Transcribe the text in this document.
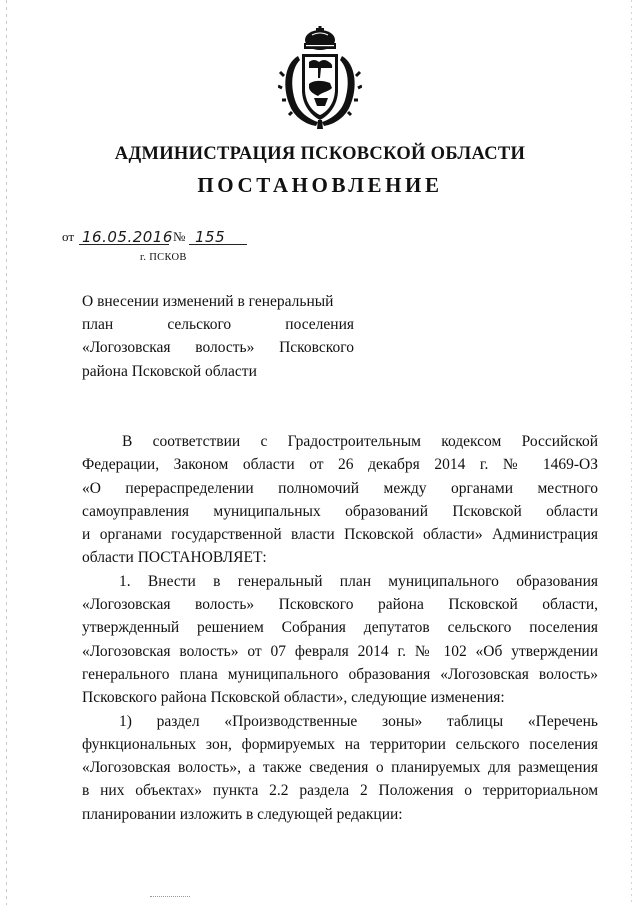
АДМИНИСТРАЦИЯ ПСКОВСКОЙ ОБЛАСТИ
ПОСТАНОВЛЕНИЕ
от 16.05.2016 № 155
г. ПСКОВ
О внесении изменений в генеральный
план сельского поселения
«Логозовская волость» Псковского
района Псковской области
В соответствии с Градостроительным кодексом Российской
Федерации, Законом области от 26 декабря 2014 г. № 1469-ОЗ
«О перераспределении полномочий между органами местного
самоуправления муниципальных образований Псковской области
и органами государственной власти Псковской области» Администрация
области ПОСТАНОВЛЯЕТ:
1. Внести в генеральный план муниципального образования
«Логозовская волость» Псковского района Псковской области,
утвержденный решением Собрания депутатов сельского поселения
«Логозовская волость» от 07 февраля 2014 г. № 102 «Об утверждении
генерального плана муниципального образования «Логозовская волость»
Псковского района Псковской области», следующие изменения:
1) раздел «Производственные зоны» таблицы «Перечень
функциональных зон, формируемых на территории сельского поселения
«Логозовская волость», а также сведения о планируемых для размещения
в них объектах» пункта 2.2 раздела 2 Положения о территориальном
планировании изложить в следующей редакции:
